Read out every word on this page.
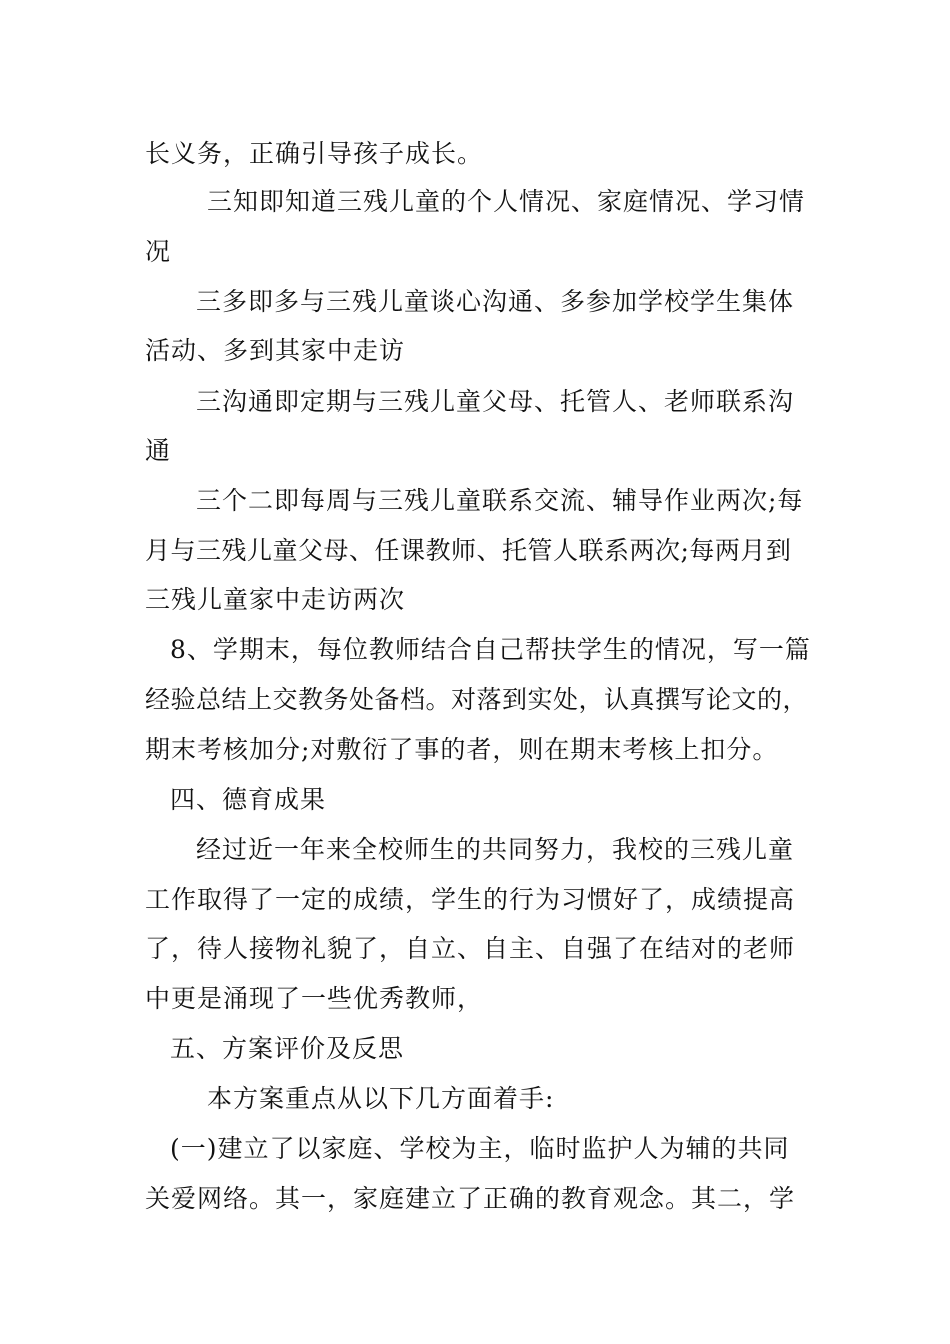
长义务，正确引导孩子成长。
三知即知道三残儿童的个人情况、家庭情况、学习情
况
三多即多与三残儿童谈心沟通、多参加学校学生集体
活动、多到其家中走访
三沟通即定期与三残儿童父母、托管人、老师联系沟
通
三个二即每周与三残儿童联系交流、辅导作业两次;每
月与三残儿童父母、任课教师、托管人联系两次;每两月到
三残儿童家中走访两次
8、学期末，每位教师结合自己帮扶学生的情况，写一篇
经验总结上交教务处备档。对落到实处，认真撰写论文的，
期末考核加分;对敷衍了事的者，则在期末考核上扣分。
四、德育成果
经过近一年来全校师生的共同努力，我校的三残儿童
工作取得了一定的成绩，学生的行为习惯好了，成绩提高
了，待人接物礼貌了，自立、自主、自强了在结对的老师
中更是涌现了一些优秀教师，
五、方案评价及反思
本方案重点从以下几方面着手:
(一)建立了以家庭、学校为主，临时监护人为辅的共同
关爱网络。其一，家庭建立了正确的教育观念。其二，学
